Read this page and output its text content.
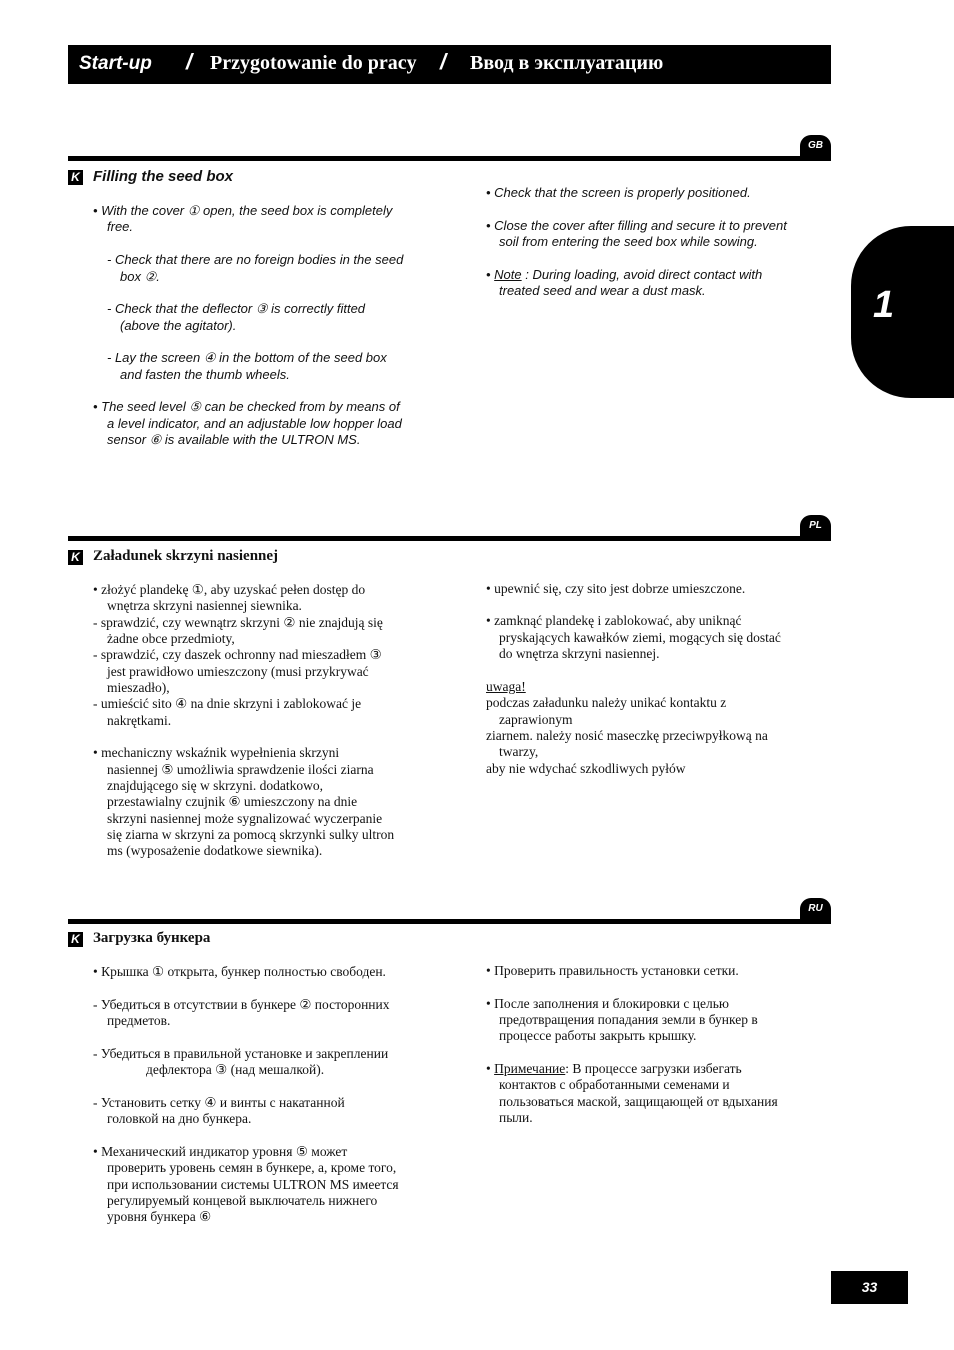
Start-up / Przygotowanie do pracy / Ввод в эксплуатацию
1
GB
K Filling the seed box
• With the cover ① open, the seed box is completely
free.
- Check that there are no foreign bodies in the seed
box ②.
- Check that the deflector ③ is correctly fitted
(above the agitator).
- Lay the screen ④ in the bottom of the seed box
and fasten the thumb wheels.
• The seed level ⑤ can be checked from by means of
a level indicator, and an adjustable low hopper load
sensor ⑥ is available with the ULTRON MS.
• Check that the screen is properly positioned.
• Close the cover after filling and secure it to prevent
soil from entering the seed box while sowing.
• Note : During loading, avoid direct contact with
treated seed and wear a dust mask.
PL
K Załadunek skrzyni nasiennej
• złożyć plandekę ①, aby uzyskać pełen dostęp do
wnętrza skrzyni nasiennej siewnika.
- sprawdzić, czy wewnątrz skrzyni ② nie znajdują się
żadne obce przedmioty,
- sprawdzić, czy daszek ochronny nad mieszadłem ③
jest prawidłowo umieszczony (musi przykrywać
mieszadło),
- umieścić sito ④ na dnie skrzyni i zablokować je
nakrętkami.
• mechaniczny wskaźnik wypełnienia skrzyni
nasiennej ⑤ umożliwia sprawdzenie ilości ziarna
znajdującego się w skrzyni. dodatkowo,
przestawialny czujnik ⑥ umieszczony na dnie
skrzyni nasiennej może sygnalizować wyczerpanie
się ziarna w skrzyni za pomocą skrzynki sulky ultron
ms (wyposażenie dodatkowe siewnika).
• upewnić się, czy sito jest dobrze umieszczone.
• zamknąć plandekę i zablokować, aby uniknąć
pryskających kawałków ziemi, mogących się dostać
do wnętrza skrzyni nasiennej.
uwaga!
podczas załadunku należy unikać kontaktu z
zaprawionym
ziarnem. należy nosić maseczkę przeciwpyłkową na
twarzy,
aby nie wdychać szkodliwych pyłów
RU
K Загрузка бункера
• Крышка ① открыта, бункер полностью свободен.
- Убедиться в отсутствии в бункере ② посторонних
предметов.
- Убедиться в правильной установке и закреплении
дефлектора ③ (над мешалкой).
- Установить сетку ④ и винты с накатанной
головкой на дно бункера.
• Механический индикатор уровня ⑤ может
проверить уровень семян в бункере, а, кроме того,
при использовании системы ULTRON MS имеется
регулируемый концевой выключатель нижнего
уровня бункера ⑥
• Проверить правильность установки сетки.
• После заполнения и блокировки с целью
предотвращения попадания земли в бункер в
процессе работы закрыть крышку.
• Примечание: В процессе загрузки избегать
контактов с обработанными семенами и
пользоваться маской, защищающей от вдыхания
пыли.
33
